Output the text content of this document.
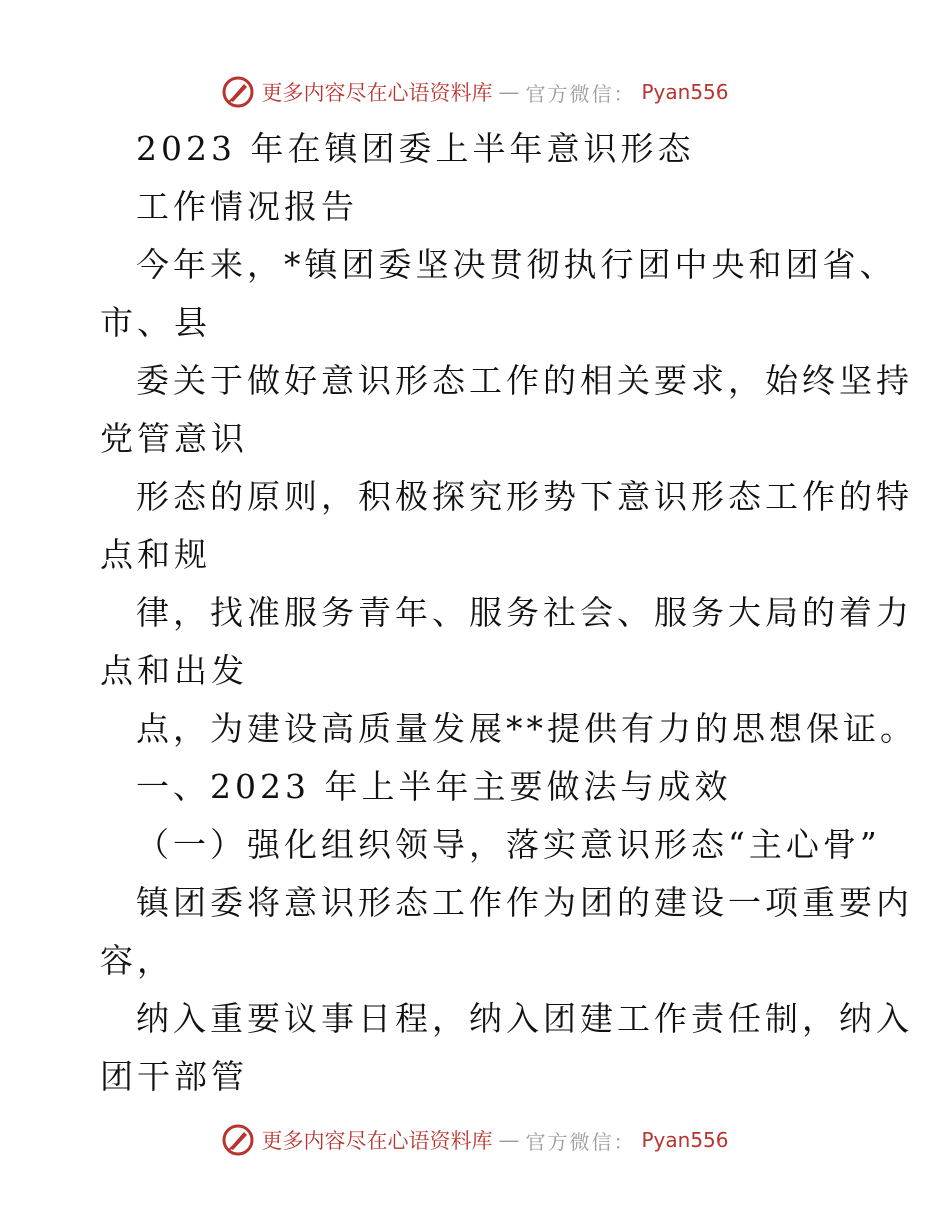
更多内容尽在心语资料库 — 官方微信： Pyan556
2023 年在镇团委上半年意识形态
工作情况报告
今年来，*镇团委坚决贯彻执行团中央和团省、
市、县
委关于做好意识形态工作的相关要求，始终坚持
党管意识
形态的原则，积极探究形势下意识形态工作的特
点和规
律，找准服务青年、服务社会、服务大局的着力
点和出发
点，为建设高质量发展**提供有力的思想保证。
一、2023 年上半年主要做法与成效
（一）强化组织领导，落实意识形态“主心骨”
镇团委将意识形态工作作为团的建设一项重要内
容，
纳入重要议事日程，纳入团建工作责任制，纳入
团干部管
更多内容尽在心语资料库 — 官方微信： Pyan556
